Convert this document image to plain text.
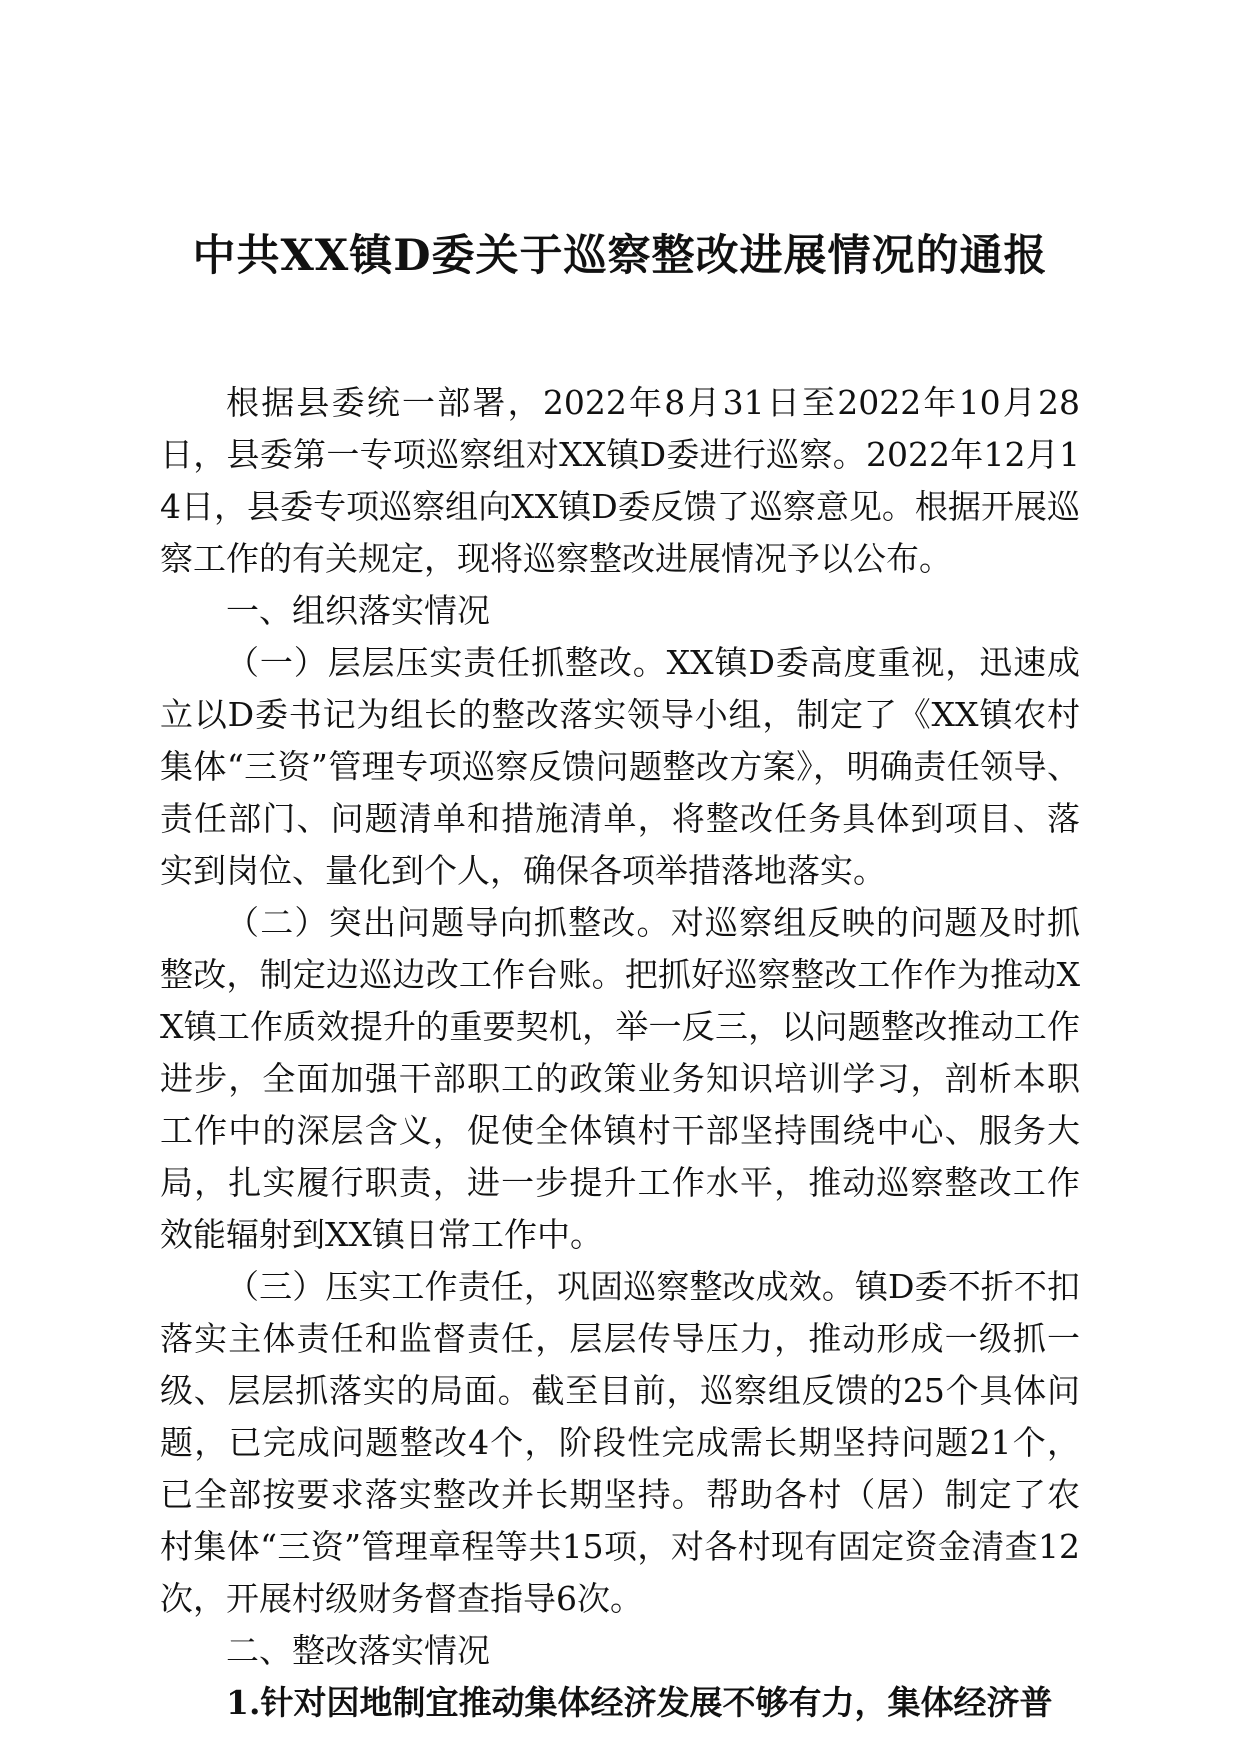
中共XX镇D委关于巡察整改进展情况的通报

根据县委统一部署，2022年8月31日至2022年10月28日，县委第一专项巡察组对XX镇D委进行巡察。2022年12月14日，县委专项巡察组向XX镇D委反馈了巡察意见。根据开展巡察工作的有关规定，现将巡察整改进展情况予以公布。

一、组织落实情况

（一）层层压实责任抓整改。XX镇D委高度重视，迅速成立以D委书记为组长的整改落实领导小组，制定了《XX镇农村集体“三资”管理专项巡察反馈问题整改方案》，明确责任领导、责任部门、问题清单和措施清单，将整改任务具体到项目、落实到岗位、量化到个人，确保各项举措落地落实。

（二）突出问题导向抓整改。对巡察组反映的问题及时抓整改，制定边巡边改工作台账。把抓好巡察整改工作作为推动XX镇工作质效提升的重要契机，举一反三，以问题整改推动工作进步，全面加强干部职工的政策业务知识培训学习，剖析本职工作中的深层含义，促使全体镇村干部坚持围绕中心、服务大局，扎实履行职责，进一步提升工作水平，推动巡察整改工作效能辐射到XX镇日常工作中。

（三）压实工作责任，巩固巡察整改成效。镇D委不折不扣落实主体责任和监督责任，层层传导压力，推动形成一级抓一级、层层抓落实的局面。截至目前，巡察组反馈的25个具体问题，已完成问题整改4个，阶段性完成需长期坚持问题21个，已全部按要求落实整改并长期坚持。帮助各村（居）制定了农村集体“三资”管理章程等共15项，对各村现有固定资金清查12次，开展村级财务督查指导6次。

二、整改落实情况

1.针对因地制宜推动集体经济发展不够有力，集体经济普
